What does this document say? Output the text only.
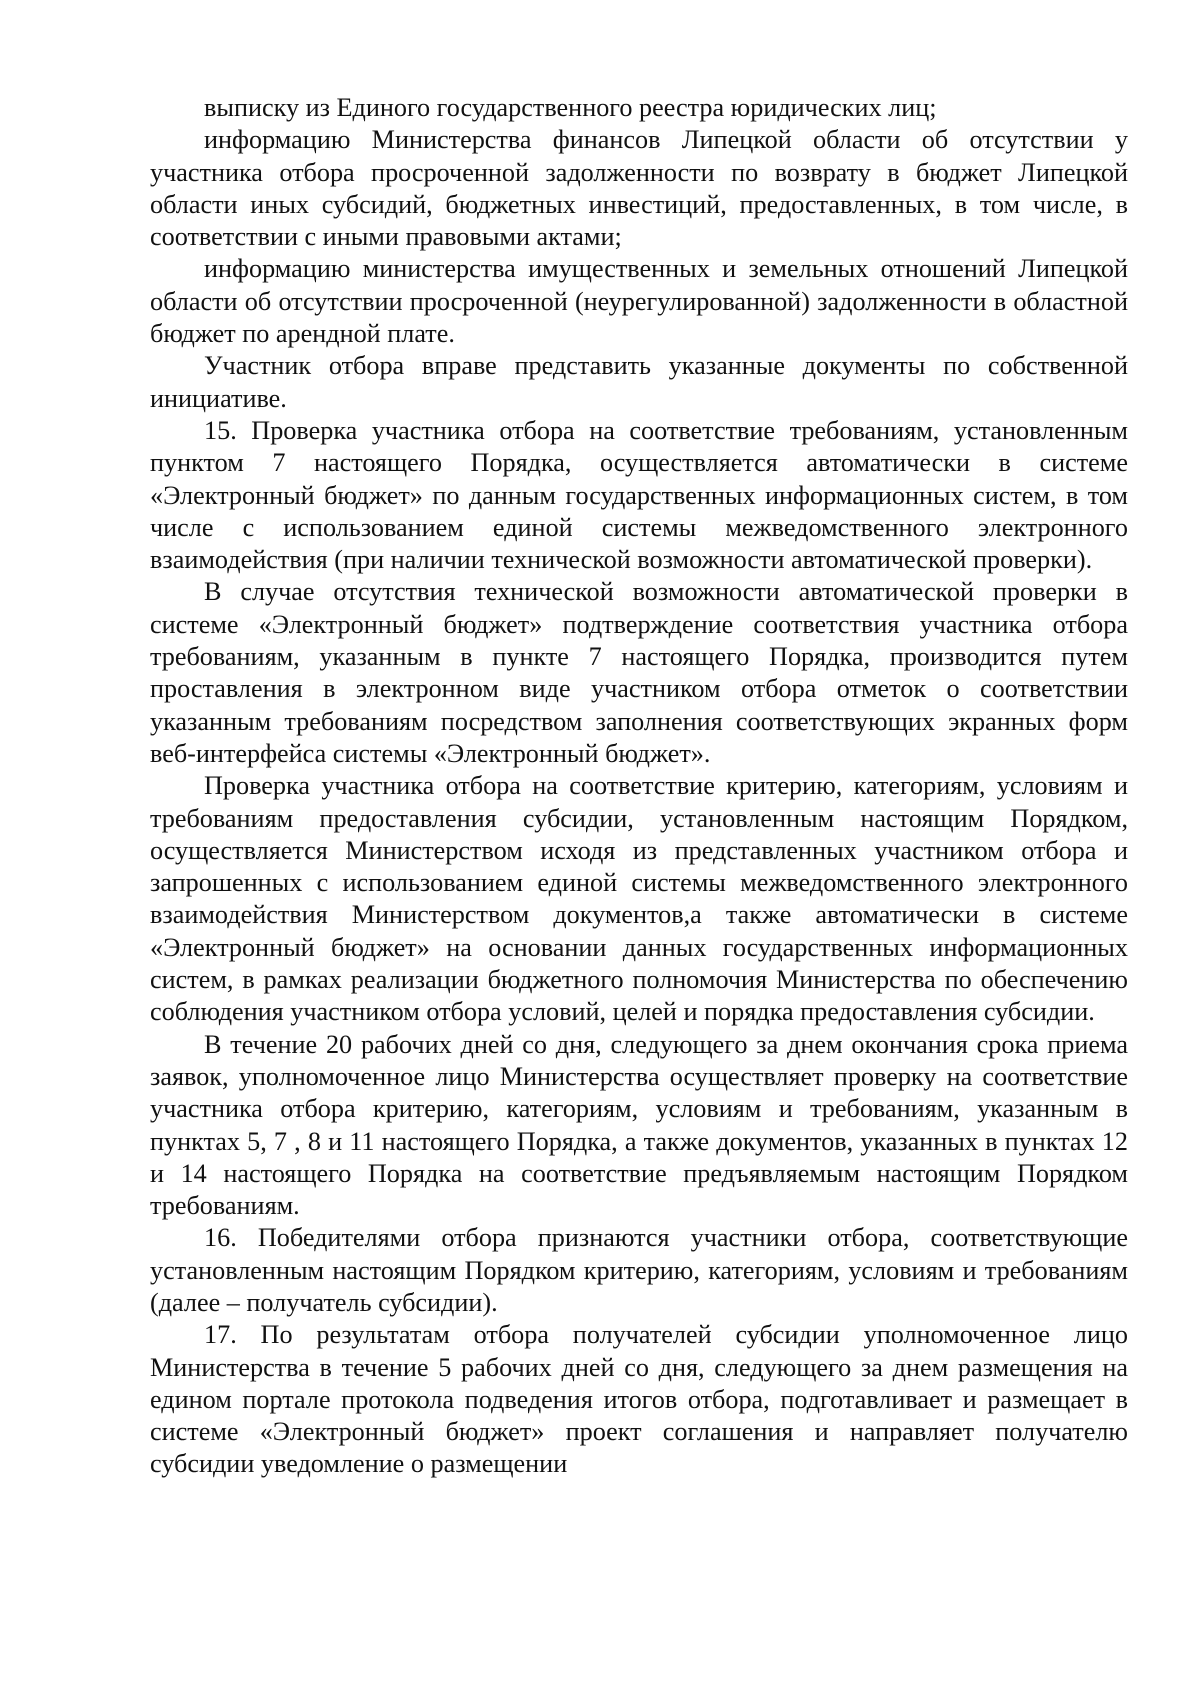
выписку из Единого государственного реестра юридических лиц;

информацию Министерства финансов Липецкой области об отсутствии у участника отбора просроченной задолженности по возврату в бюджет Липецкой области иных субсидий, бюджетных инвестиций, предоставленных, в том числе, в соответствии с иными правовыми актами;

информацию министерства имущественных и земельных отношений Липецкой области об отсутствии просроченной (неурегулированной) задолженности в областной бюджет по арендной плате.

Участник отбора вправе представить указанные документы по собственной инициативе.

15. Проверка участника отбора на соответствие требованиям, установленным пунктом 7 настоящего Порядка, осуществляется автоматически в системе «Электронный бюджет» по данным государственных информационных систем, в том числе с использованием единой системы межведомственного электронного взаимодействия (при наличии технической возможности автоматической проверки).

В случае отсутствия технической возможности автоматической проверки в системе «Электронный бюджет» подтверждение соответствия участника отбора требованиям, указанным в пункте 7 настоящего Порядка, производится путем проставления в электронном виде участником отбора отметок о соответствии указанным требованиям посредством заполнения соответствующих экранных форм веб-интерфейса системы «Электронный бюджет».

Проверка участника отбора на соответствие критерию, категориям, условиям и требованиям предоставления субсидии, установленным настоящим Порядком, осуществляется Министерством исходя из представленных участником отбора и запрошенных с использованием единой системы межведомственного электронного взаимодействия Министерством документов,а также автоматически в системе «Электронный бюджет» на основании данных государственных информационных систем, в рамках реализации бюджетного полномочия Министерства по обеспечению соблюдения участником отбора условий, целей и порядка предоставления субсидии.

В течение 20 рабочих дней со дня, следующего за днем окончания срока приема заявок, уполномоченное лицо Министерства осуществляет проверку на соответствие участника отбора критерию, категориям, условиям и требованиям, указанным в пунктах 5, 7 , 8 и 11 настоящего Порядка, а также документов, указанных в пунктах 12 и 14 настоящего Порядка на соответствие предъявляемым настоящим Порядком требованиям.

16. Победителями отбора признаются участники отбора, соответствующие установленным настоящим Порядком критерию, категориям, условиям и требованиям (далее – получатель субсидии).

17. По результатам отбора получателей субсидии уполномоченное лицо Министерства в течение 5 рабочих дней со дня, следующего за днем размещения на едином портале протокола подведения итогов отбора, подготавливает и размещает в системе «Электронный бюджет» проект соглашения и направляет получателю субсидии уведомление о размещении
